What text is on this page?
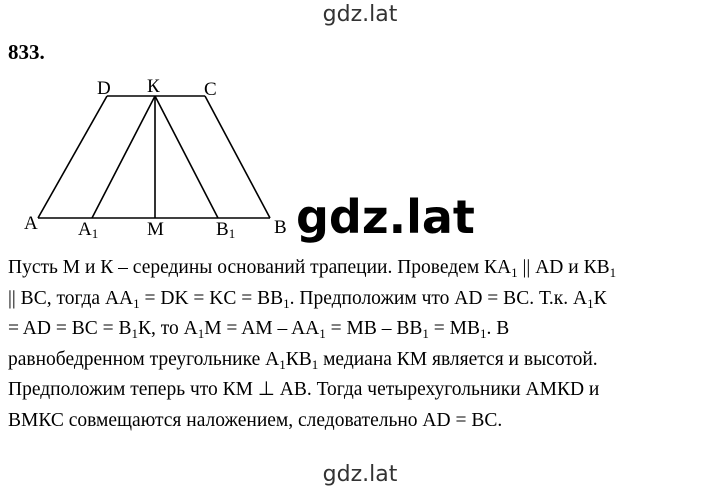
gdz.lat
833.
D К C
A $A_1$	M	$B_1$ B gdz.lat

Пусть М и К – середины оснований трапеции. Проведем $КА_1$ || AD и $КВ_1$

|| ВС, тогда $АА_1$ = DK = KC = $BB_1$. Предположим что AD = BC. Т.к. $A_1К$

= AD = BC = $B_1К$, то $A_1M$ = AM – $AA_1$ = MB – $BB_1 = MB_1$. В

равнобедренном треугольнике $A_1КВ_1$ медиана КМ является и высотой.

Предположим теперь что КМ ⊥ АВ. Тогда четырехугольники АМКD и

ВМКС совмещаются наложением, следовательно AD = BC.

gdz.lat
